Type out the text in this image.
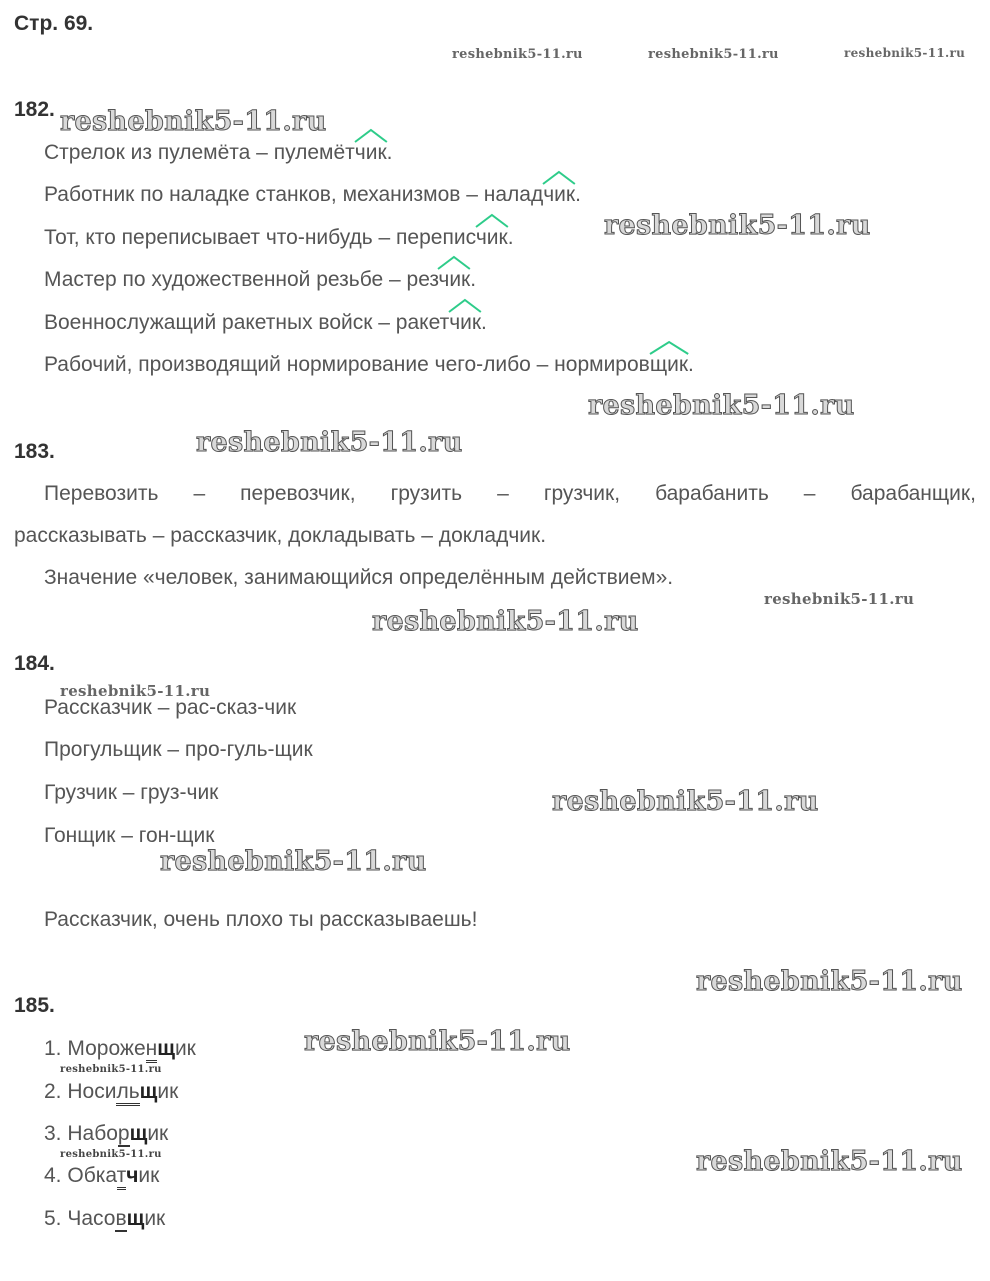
Стр. 69.
reshebnik5-11.ru	reshebnik5-11.ru	reshebnik5-11.ru
reshebnik5-11.ru
reshebnik5-11.ru
reshebnik5-11.ru
reshebnik5-11.ru
reshebnik5-11.ru
reshebnik5-11.ru
reshebnik5-11.ru
reshebnik5-11.ru
reshebnik5-11.ru
reshebnik5-11.ru
reshebnik5-11.ru
reshebnik5-11.ru
reshebnik5-11.ru	reshebnik5-11.ru
182.
Стрелок из пулемёта – пулемётчик
.
Работник по наладке станков, механизмов – наладчик
.
Тот, кто переписывает что-нибудь – переписчик
.
Мастер по художественной резьбе – резчик
.
Военнослужащий ракетных войск – ракетчик
.
Рабочий, производящий нормирование чего-либо – нормировщик
.
183.
Перевозить – перевозчик, грузить – грузчик, барабанить – барабанщик,
рассказывать – рассказчик, докладывать – докладчик.
Значение «человек, занимающийся определённым действием».
184.
Рассказчик – рас-сказ-чик
Прогульщик – про-гуль-щик
Грузчик – груз-чик
Гонщик – гон-щик
Рассказчик, очень плохо ты рассказываешь!
185.
1. Мороженщик
2. Носильщик
3. Наборщик
4. Обкатчик
5. Часовщик
